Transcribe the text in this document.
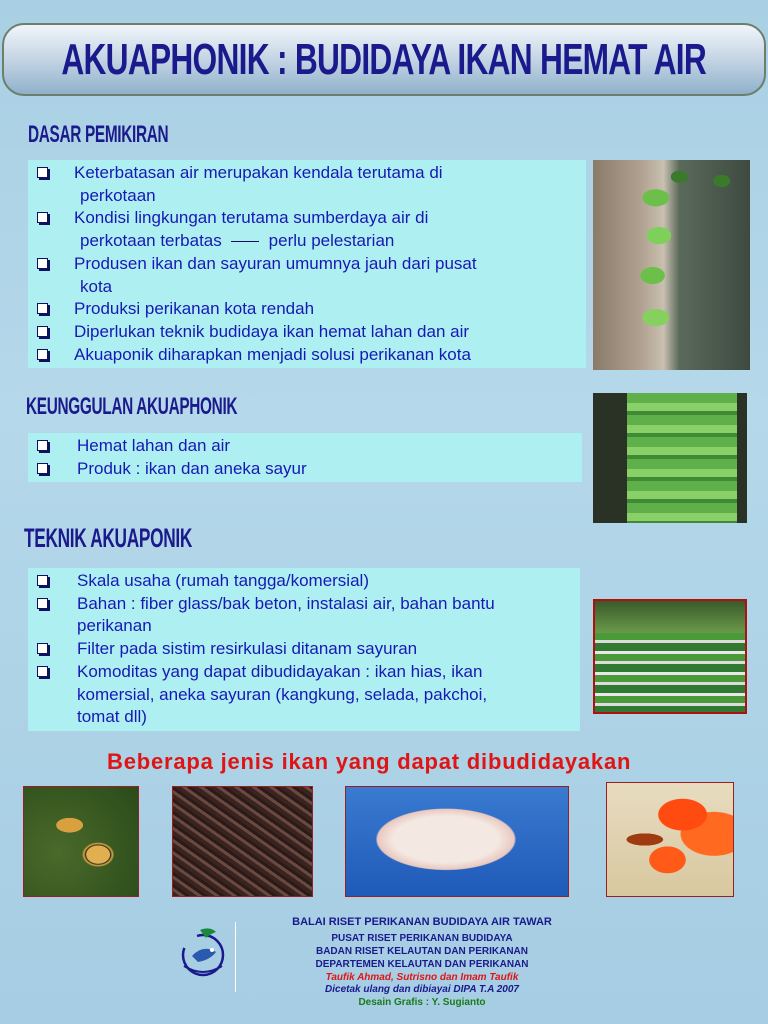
AKUAPHONIK : BUDIDAYA IKAN HEMAT AIR
DASAR PEMIKIRAN
Keterbatasan air merupakan kendala terutama di
perkotaan
Kondisi lingkungan terutama sumberdaya air di
perkotaan terbatas	perlu pelestarian
Produsen ikan dan sayuran umumnya jauh dari pusat
kota
Produksi perikanan kota rendah
Diperlukan teknik budidaya ikan hemat lahan dan air
Akuaponik diharapkan menjadi solusi perikanan kota
KEUNGGULAN AKUAPHONIK
Hemat lahan dan air
Produk : ikan dan aneka sayur
TEKNIK AKUAPONIK
Skala usaha (rumah tangga/komersial)
Bahan : fiber glass/bak beton, instalasi air, bahan bantu
perikanan
Filter pada sistim resirkulasi ditanam sayuran
Komoditas yang dapat dibudidayakan : ikan hias, ikan
komersial, aneka sayuran (kangkung, selada, pakchoi,
tomat dll)
Beberapa jenis ikan yang dapat dibudidayakan
BALAI RISET PERIKANAN BUDIDAYA AIR TAWAR
PUSAT RISET PERIKANAN BUDIDAYA
BADAN RISET KELAUTAN DAN PERIKANAN
DEPARTEMEN KELAUTAN DAN PERIKANAN
Taufik Ahmad, Sutrisno dan Imam Taufik
Dicetak ulang dan dibiayai DIPA T.A 2007
Desain Grafis : Y. Sugianto
